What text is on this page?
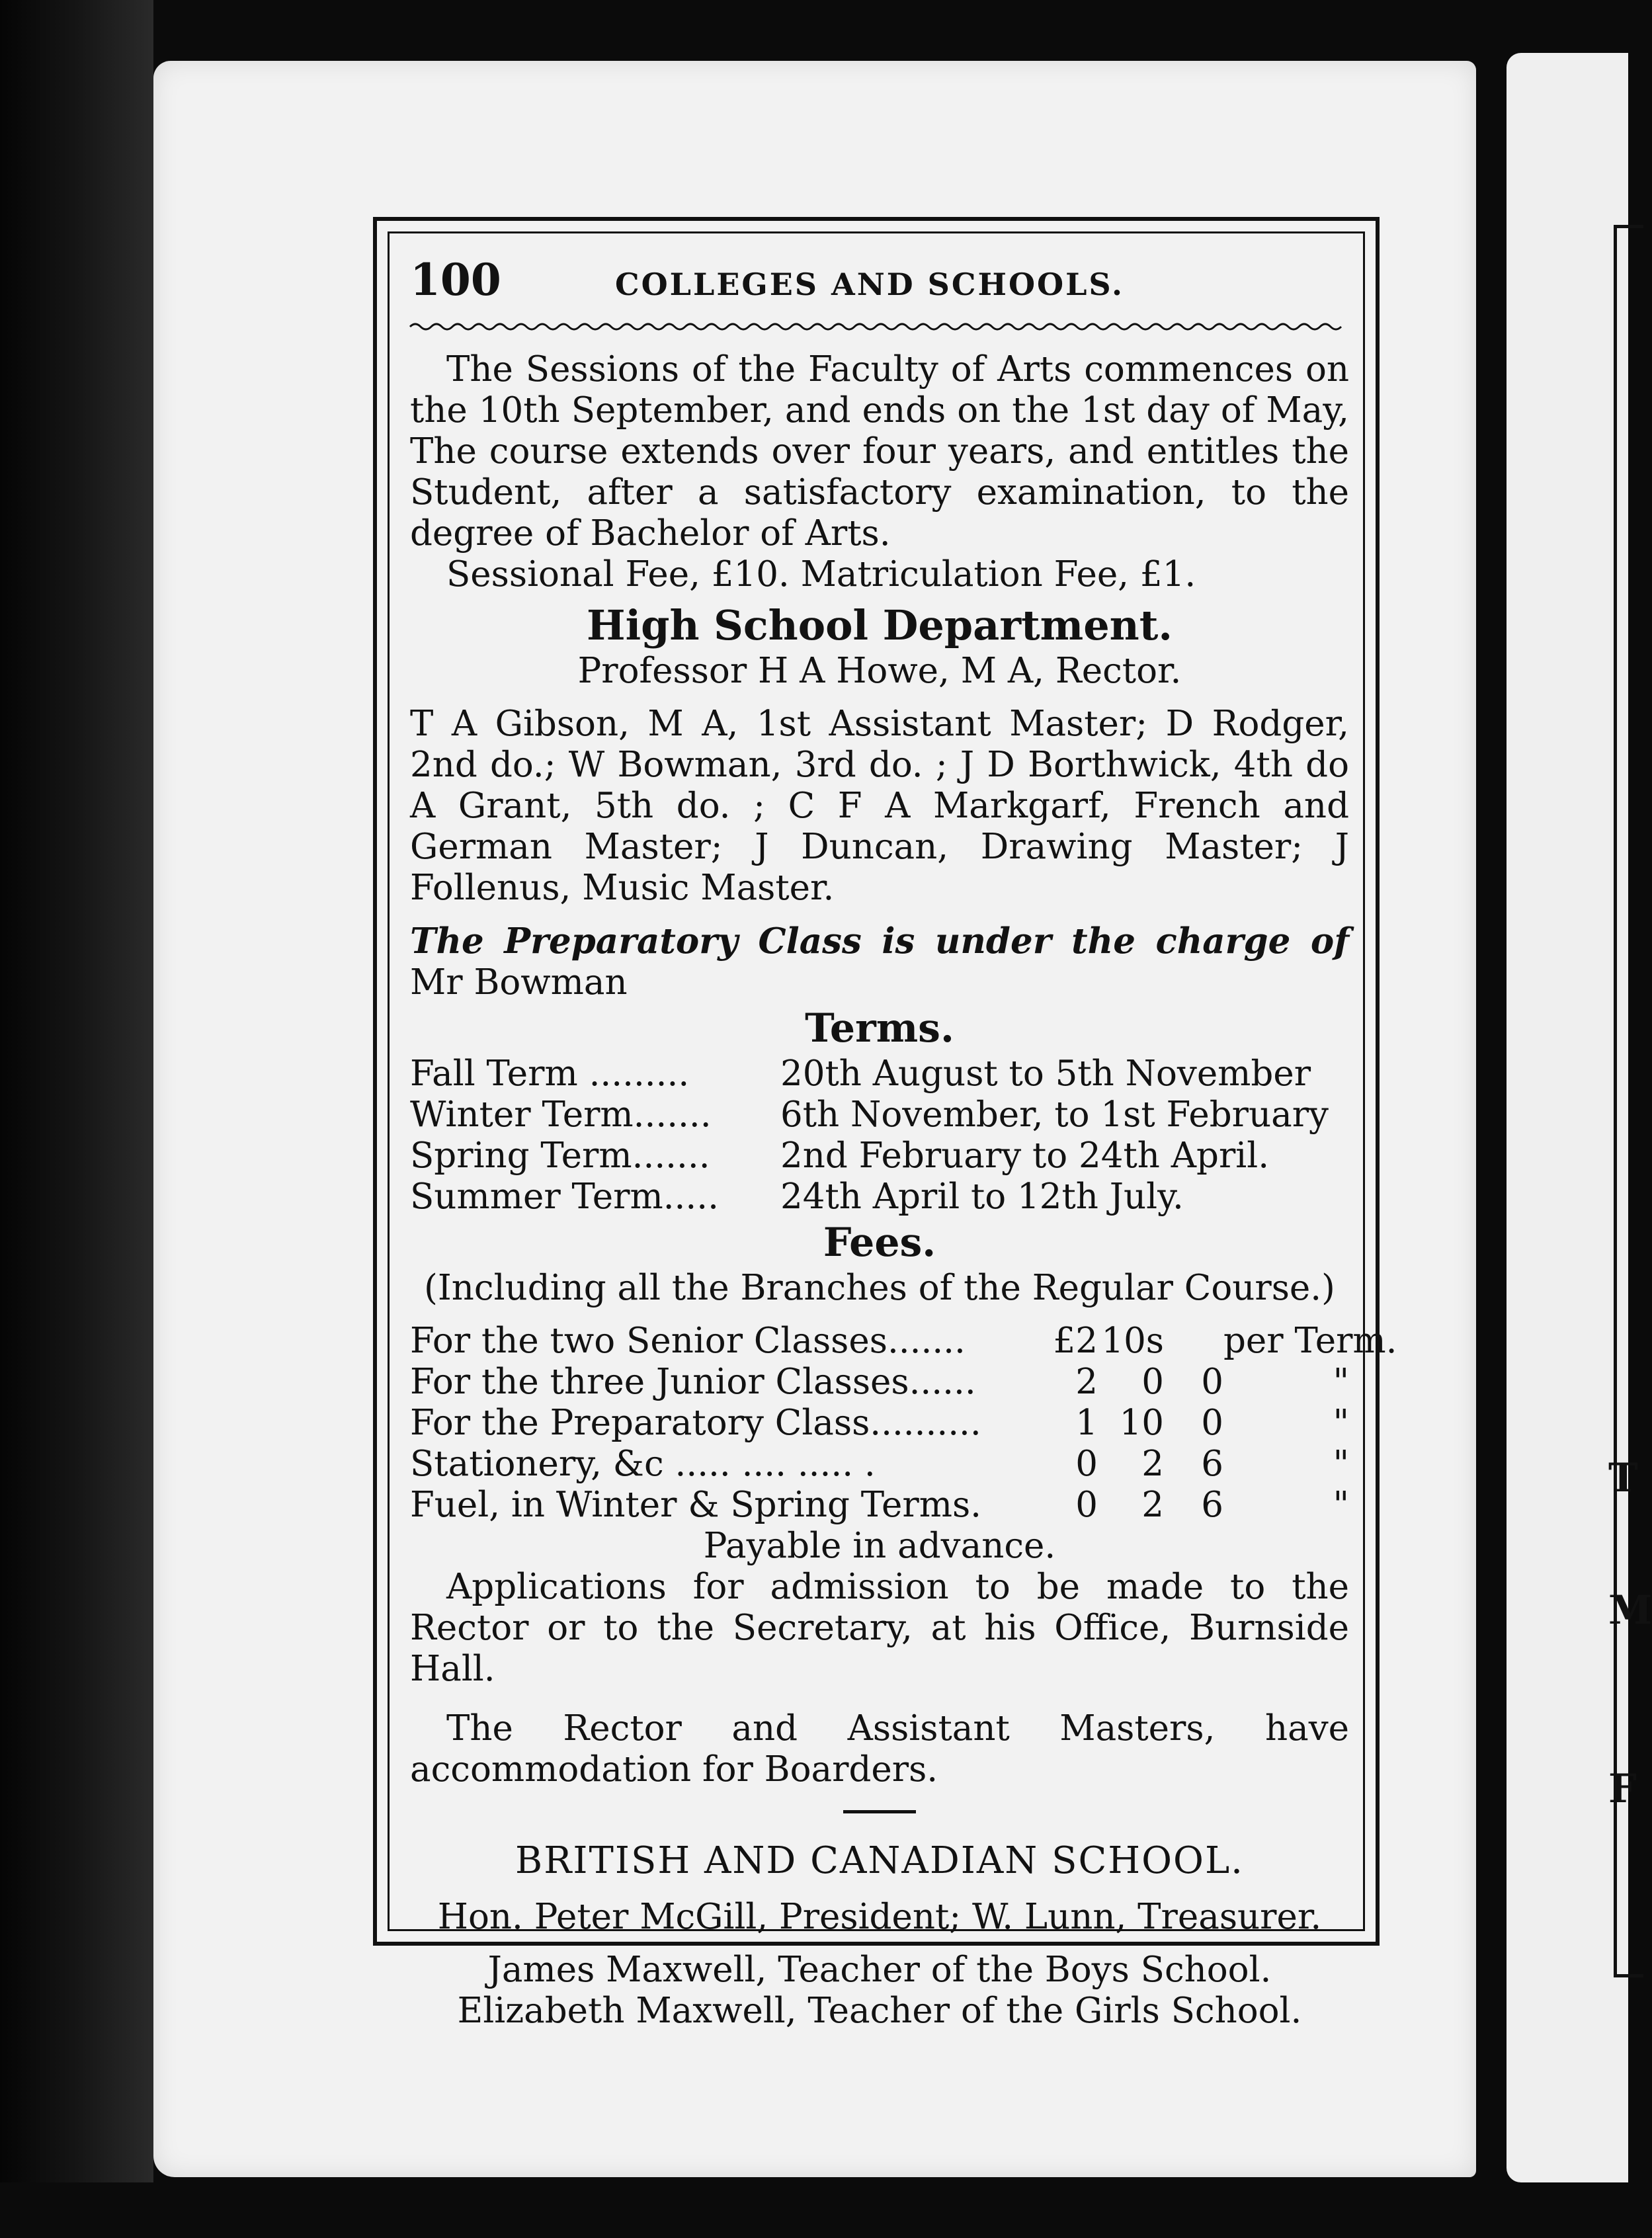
T
M
F
100	COLLEGES AND SCHOOLS.

The Sessions of the Faculty of Arts commences on the 10th September, and ends on the 1st day of May, The course extends over four years, and entitles the Student, after a satisfactory examination, to the degree of Bachelor of Arts.

Sessional Fee, £10. Matriculation Fee, £1.

High School Department.
Professor H A Howe, M A, Rector.

T A Gibson, M A, 1st Assistant Master; D Rodger, 2nd do.; W Bowman, 3rd do. ; J D Borthwick, 4th do A Grant, 5th do. ; C F A Markgarf, French and German Master; J Duncan, Drawing Master; J Follenus, Music Master.

The Preparatory Class is under the charge of Mr Bowman

Terms.
Fall Term .........	20th August to 5th November
Winter Term.......	6th November, to 1st February
Spring Term.......	2nd February to 24th April.
Summer Term.....	24th April to 12th July.
Fees.
(Including all the Branches of the Regular Course.)
For the two Senior Classes.......	£2 10s per Term.
For the three Junior Classes......	2	0	0	"
For the Preparatory Class..........	1 10	0	"
Stationery, &c ..... .... ..... .	0	2	6	"
Fuel, in Winter & Spring Terms.	0	2	6	"
Payable in advance.

Applications for admission to be made to the Rector or to the Secretary, at his Office, Burnside Hall.

The Rector and Assistant Masters, have accommodation for Boarders.

BRITISH AND CANADIAN SCHOOL.
Hon. Peter McGill, President; W. Lunn, Treasurer.
James Maxwell, Teacher of the Boys School.
Elizabeth Maxwell, Teacher of the Girls School.
